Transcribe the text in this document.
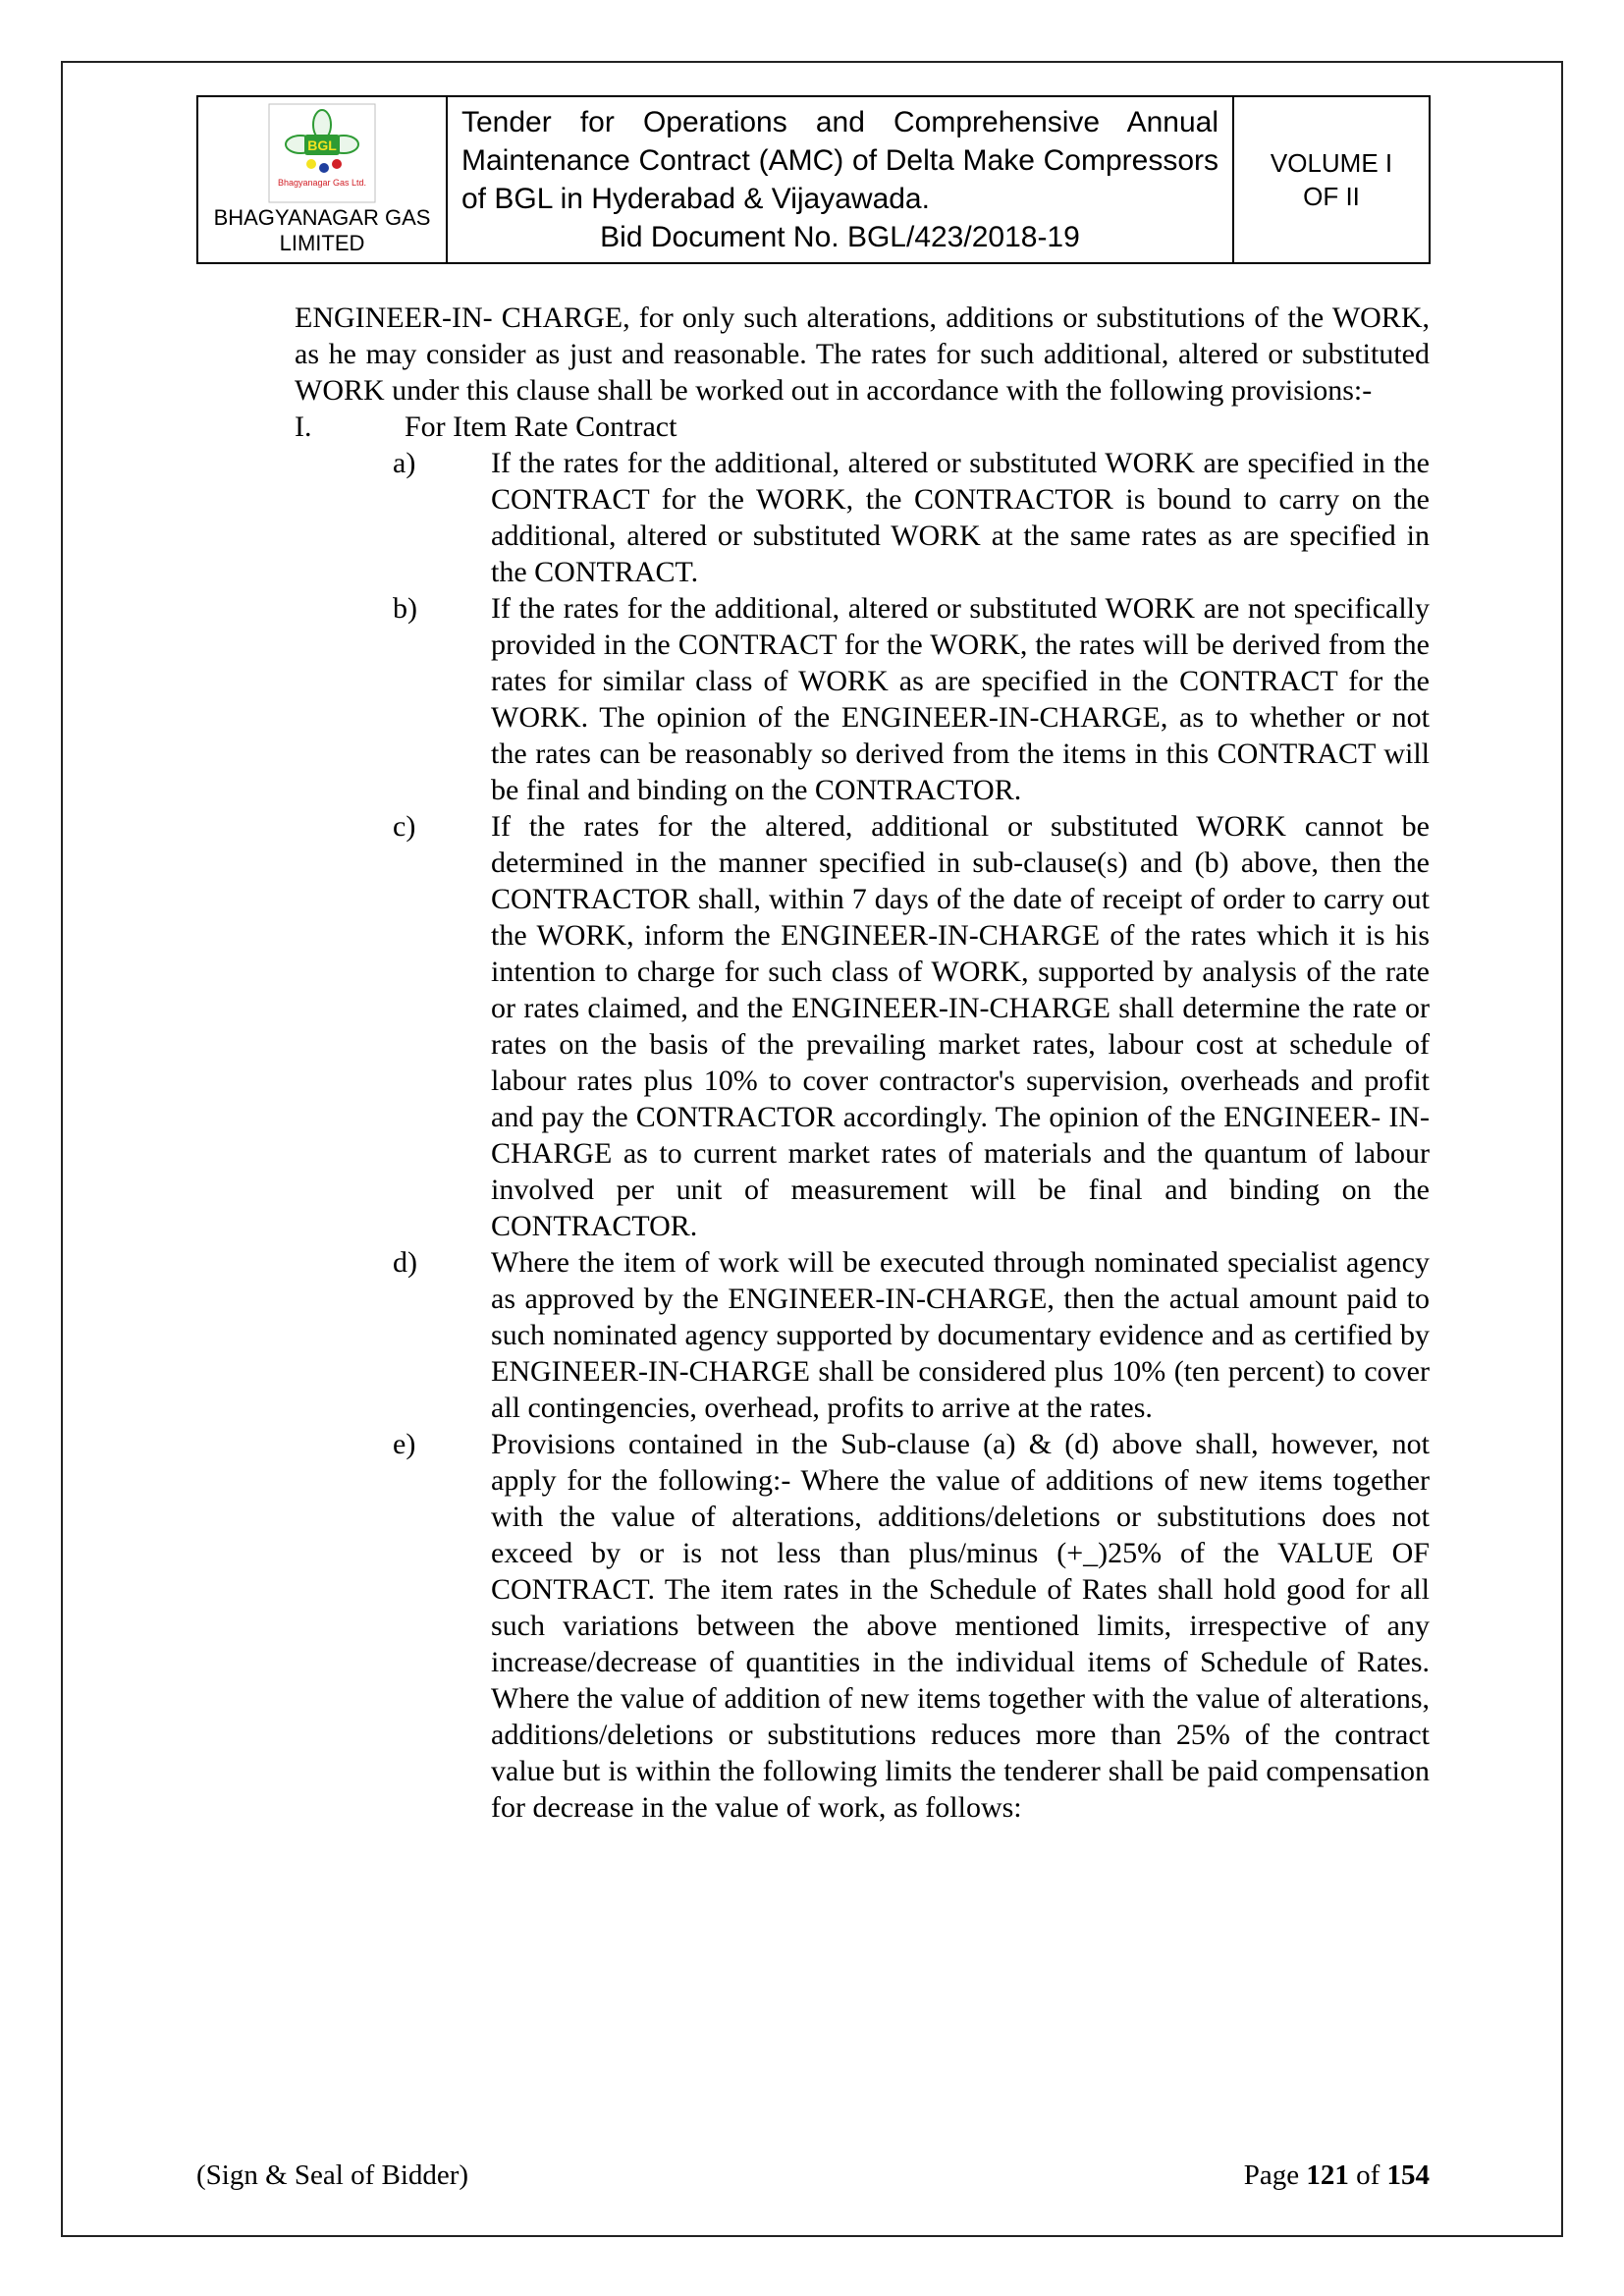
BGL
Bhagyanagar Gas Ltd.
BHAGYANAGAR GAS
LIMITED
Tender for Operations and Comprehensive Annual Maintenance Contract (AMC) of Delta Make Compressors of BGL in Hyderabad & Vijayawada.
Bid Document No. BGL/423/2018-19
VOLUME I
OF II

ENGINEER-IN- CHARGE, for only such alterations, additions or substitutions of the WORK, as he may consider as just and reasonable. The rates for such additional, altered or substituted WORK under this clause shall be worked out in accordance with the following provisions:-

I.	For Item Rate Contract
a)	If the rates for the additional, altered or substituted WORK are specified in the CONTRACT for the WORK, the CONTRACTOR is bound to carry on the additional, altered or substituted WORK at the same rates as are specified in the CONTRACT.

b)	If the rates for the additional, altered or substituted WORK are not specifically provided in the CONTRACT for the WORK, the rates will be derived from the rates for similar class of WORK as are specified in the CONTRACT for the WORK. The opinion of the ENGINEER-IN-CHARGE, as to whether or not the rates can be reasonably so derived from the items in this CONTRACT will be final and binding on the CONTRACTOR.

c)	If the rates for the altered, additional or substituted WORK cannot be determined in the manner specified in sub-clause(s) and (b) above, then the CONTRACTOR shall, within 7 days of the date of receipt of order to carry out the WORK, inform the ENGINEER-IN-CHARGE of the rates which it is his intention to charge for such class of WORK, supported by analysis of the rate or rates claimed, and the ENGINEER-IN-CHARGE shall determine the rate or rates on the basis of the prevailing market rates, labour cost at schedule of labour rates plus 10% to cover contractor's supervision, overheads and profit and pay the CONTRACTOR accordingly. The opinion of the ENGINEER- IN-CHARGE as to current market rates of materials and the quantum of labour involved per unit of measurement will be final and binding on the CONTRACTOR.

d)	Where the item of work will be executed through nominated specialist agency as approved by the ENGINEER-IN-CHARGE, then the actual amount paid to such nominated agency supported by documentary evidence and as certified by ENGINEER-IN-CHARGE shall be considered plus 10% (ten percent) to cover all contingencies, overhead, profits to arrive at the rates.

e)	Provisions contained in the Sub-clause (a) & (d) above shall, however, not apply for the following:- Where the value of additions of new items together with the value of alterations, additions/deletions or substitutions does not exceed by or is not less than plus/minus (+_)25% of the VALUE OF CONTRACT. The item rates in the Schedule of Rates shall hold good for all such variations between the above mentioned limits, irrespective of any increase/decrease of quantities in the individual items of Schedule of Rates. Where the value of addition of new items together with the value of alterations, additions/deletions or substitutions reduces more than 25% of the contract value but is within the following limits the tenderer shall be paid compensation for decrease in the value of work, as follows:

(Sign & Seal of Bidder)	Page 121 of 154
